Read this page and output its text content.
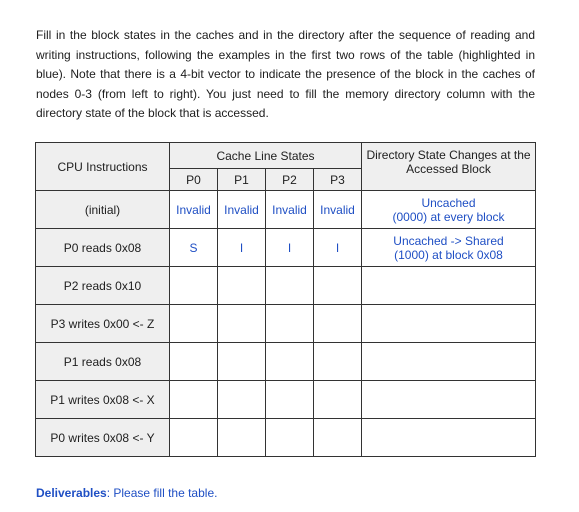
Fill in the block states in the caches and in the directory after the sequence of reading and writing instructions, following the examples in the first two rows of the table (highlighted in blue). Note that there is a 4-bit vector to indicate the presence of the block in the caches of nodes 0-3 (from left to right). You just need to fill the memory directory column with the directory state of the block that is accessed.

CPU Instructions	Cache Line States				Directory State Changes at the Accessed Block
	P0	P1	P2	P3	
(initial)	Invalid	Invalid	Invalid	Invalid	Uncached
(0000) at every block

P0 reads 0x08	S	I	I	I	Uncached -> Shared
(1000) at block 0x08

P2 reads 0x10					

P3 writes 0x00 <- Z					

P1 reads 0x08					

P1 writes 0x08 <- X					

P0 writes 0x08 <- Y					

Deliverables: Please fill the table.
